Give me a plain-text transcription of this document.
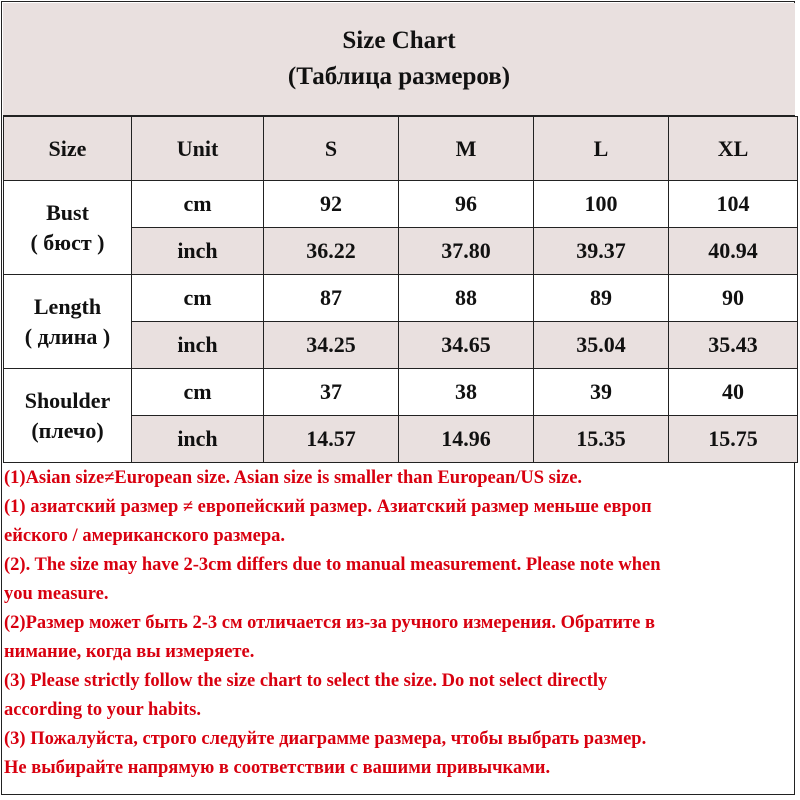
Size Chart
(Таблица размеров)
Size	Unit	S	M	L	XL

Bust
( бюст )	cm	92	96	100	104
	inch	36.22	37.80	39.37	40.94

Length
( длина )	cm	87	88	89	90
	inch	34.25	34.65	35.04	35.43

Shoulder
(плечо)	cm	37	38	39	40
	inch	14.57	14.96	15.35	15.75
(1)Asian size≠European size. Asian size is smaller than European/US size.
(1) азиатский размер ≠ европейский размер. Азиатский размер меньше европ
ейского / американского размера.
(2). The size may have 2-3cm differs due to manual measurement. Please note when
you measure.
(2)Размер может быть 2-3 см отличается из-за ручного измерения. Обратите в
нимание, когда вы измеряете.
(3) Please strictly follow the size chart to select the size. Do not select directly
according to your habits.
(3) Пожалуйста, строго следуйте диаграмме размера, чтобы выбрать размер.
Не выбирайте напрямую в соответствии с вашими привычками.
